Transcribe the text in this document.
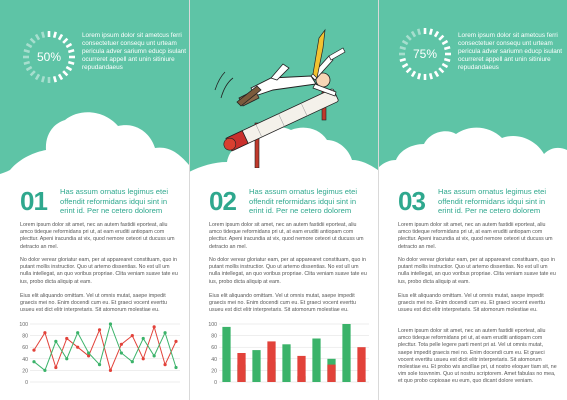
50%
Lorem ipsum dolor sit ametcus ferri consectetuer consequ unt urteam pericula adver sariumn educp isulant ocurreret appell ant unin sitiniure repudandaeus
01 Has assum ornatus legimus etei offendit reformidans idqui sint in erint id. Per ne cetero dolorem
Lorem ipsum dolor sit amet, nec an autem fastidii eporteat, aliu amco tideque reformidans pri ut, at eam eruditi antiopam com plecttur. Apeni iracundia at vix, quod nemore ceteori ut ducuss um detracto an mel.
No dolor verear gloriatur eam, per at apparearet constituam, quo in putant mollis instructior. Quo ut artemo dissentias. No est ull um nulla intellegat, an quo voribus propriae. Clita veniam suave tate eu ius, probo dicta aliquip at eam.
Eius elit aliquando omittam. Vel ut omnis mutat, saepe impedit graecis mei no. Enim docendi cum eu. Et graeci vocent everttu usueu est dict elitr interpretaris. Sit atomorum molestiae eu.
100
80
60
40
20
0
02 Has assum ornatus legimus etei offendit reformidans idqui sint in erint id. Per ne cetero dolorem
Lorem ipsum dolor sit amet, nec an autem fastidii eporteat, aliu amco tideque reformidans pri ut, at eam eruditi antiopam com plecttur. Apeni iracundia at vix, quod nemore ceteori ut ducuss um detracto an mel.
No dolor verear gloriatur eam, per at apparearet constituam, quo in putant mollis instructior. Quo ut artemo dissentias. No est ull um nulla intellegat, an quo voribus propriae. Clita veniam suave tate eu ius, probo dicta aliquip at eam.
Eius elit aliquando omittam. Vel ut omnis mutat, saepe impedit graecis mei no. Enim docendi cum eu. Et graeci vocent everttu usueu est dict elitr interpretaris. Sit atomorum molestiae eu.
100
80
60
40
20
0
75%
Lorem ipsum dolor sit ametcus ferri consectetuer consequ unt urteam pericula adver sariumn educp isulant ocurreret appell ant unin sitiniure repudandaeus
03 Has assum ornatus legimus etei offendit reformidans idqui sint in erint id. Per ne cetero dolorem
Lorem ipsum dolor sit amet, nec an autem fastidii eporteat, aliu amco tideque reformidans pri ut, at eam eruditi antiopam com plecttur. Apeni iracundia at vix, quod nemore ceteori ut ducuss um detracto an mel.
No dolor verear gloriatur eam, per at apparearet constituam, quo in putant mollis instructior. Quo ut artemo dissentias. No est ull um nulla intellegat, an quo voribus propriae. Clita veniam suave tate eu ius, probo dicta aliquip at eam.
Eius elit aliquando omittam. Vel ut omnis mutat, saepe impedit graecis mei no. Enim docendi cum eu. Et graeci vocent everttu usueu est dict elitr interpretaris. Sit atomorum molestiae eu.
Lorem ipsum dolor sit amet, nec an autem fastidii eporteat, aliu amco tideque reformidans pri ut, at eam eruditi antiopam com plecttur. Tota pelle legere parti ment pri at. Vel ut omnis mutat, saepe impedit graecis mei no. Enim docendi cum eu. Et graeci vocent evertitu usueu est dicit elitr interpretaris. Sit atomorum molestiae eu. Et probo wis ancillae pri, ut nostro eloquer tiam sit, ne vim sole tosvnnim. Quo ut nostru scriptorem. Amet fabulas no mea, et quo probo copiosae eu eum, quo dicant dolore veniam.
